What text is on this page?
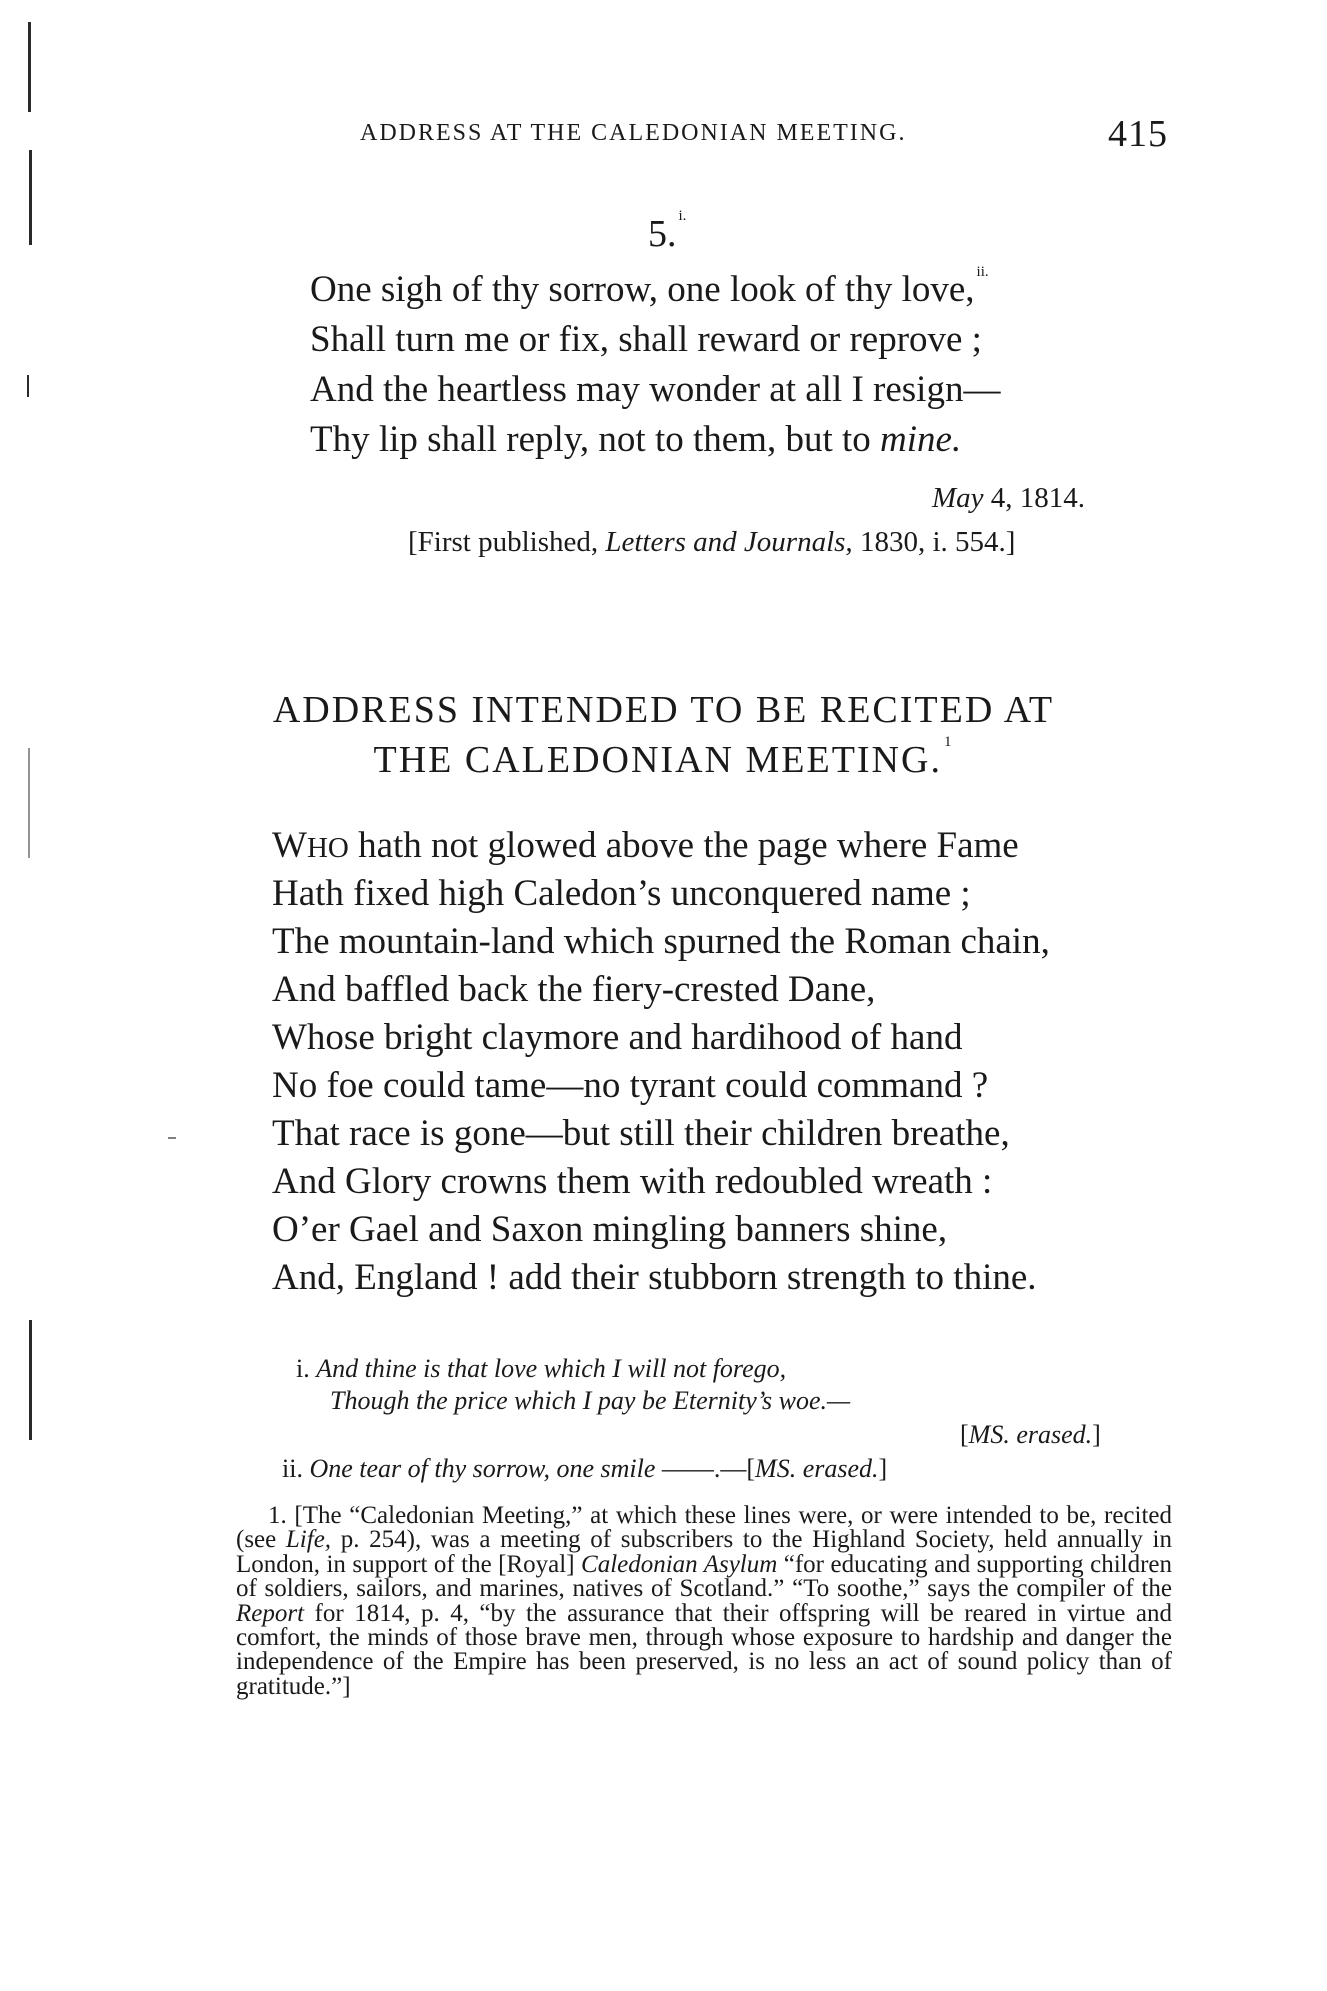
ADDRESS AT THE CALEDONIAN MEETING.	415
5. $^{i.}$
One sigh of thy sorrow, one look of thy love, $^{ii.}$
Shall turn me or fix, shall reward or reprove ;
And the heartless may wonder at all I resign—
Thy lip shall reply, not to them, but to mine.
May 4, 1814.
[First published, Letters and Journals, 1830, i. 554.]
ADDRESS INTENDED TO BE RECITED AT
THE CALEDONIAN MEETING. $^1$
WHO hath not glowed above the page where Fame
Hath fixed high Caledon’s unconquered name ;
The mountain-land which spurned the Roman chain,
And baffled back the fiery-crested Dane,
Whose bright claymore and hardihood of hand
No foe could tame—no tyrant could command ?
That race is gone—but still their children breathe,
And Glory crowns them with redoubled wreath :
O’er Gael and Saxon mingling banners shine,
And, England ! add their stubborn strength to thine.
i. And thine is that love which I will not forego,
Though the price which I pay be Eternity’s woe.—
[MS. erased.]
ii. One tear of thy sorrow, one smile ——.—[MS. erased.]
1. [The “Caledonian Meeting,” at which these lines were, or were intended to be, recited (see Life, p. 254), was a meeting of subscribers to the Highland Society, held annually in London, in support of the [Royal] Caledonian Asylum “for educating and supporting children of soldiers, sailors, and marines, natives of Scotland.” “To soothe,” says the compiler of the Report for 1814, p. 4, “by the assurance that their offspring will be reared in virtue and comfort, the minds of those brave men, through whose exposure to hardship and danger the independence of the Empire has been preserved, is no less an act of sound policy than of gratitude.”]
